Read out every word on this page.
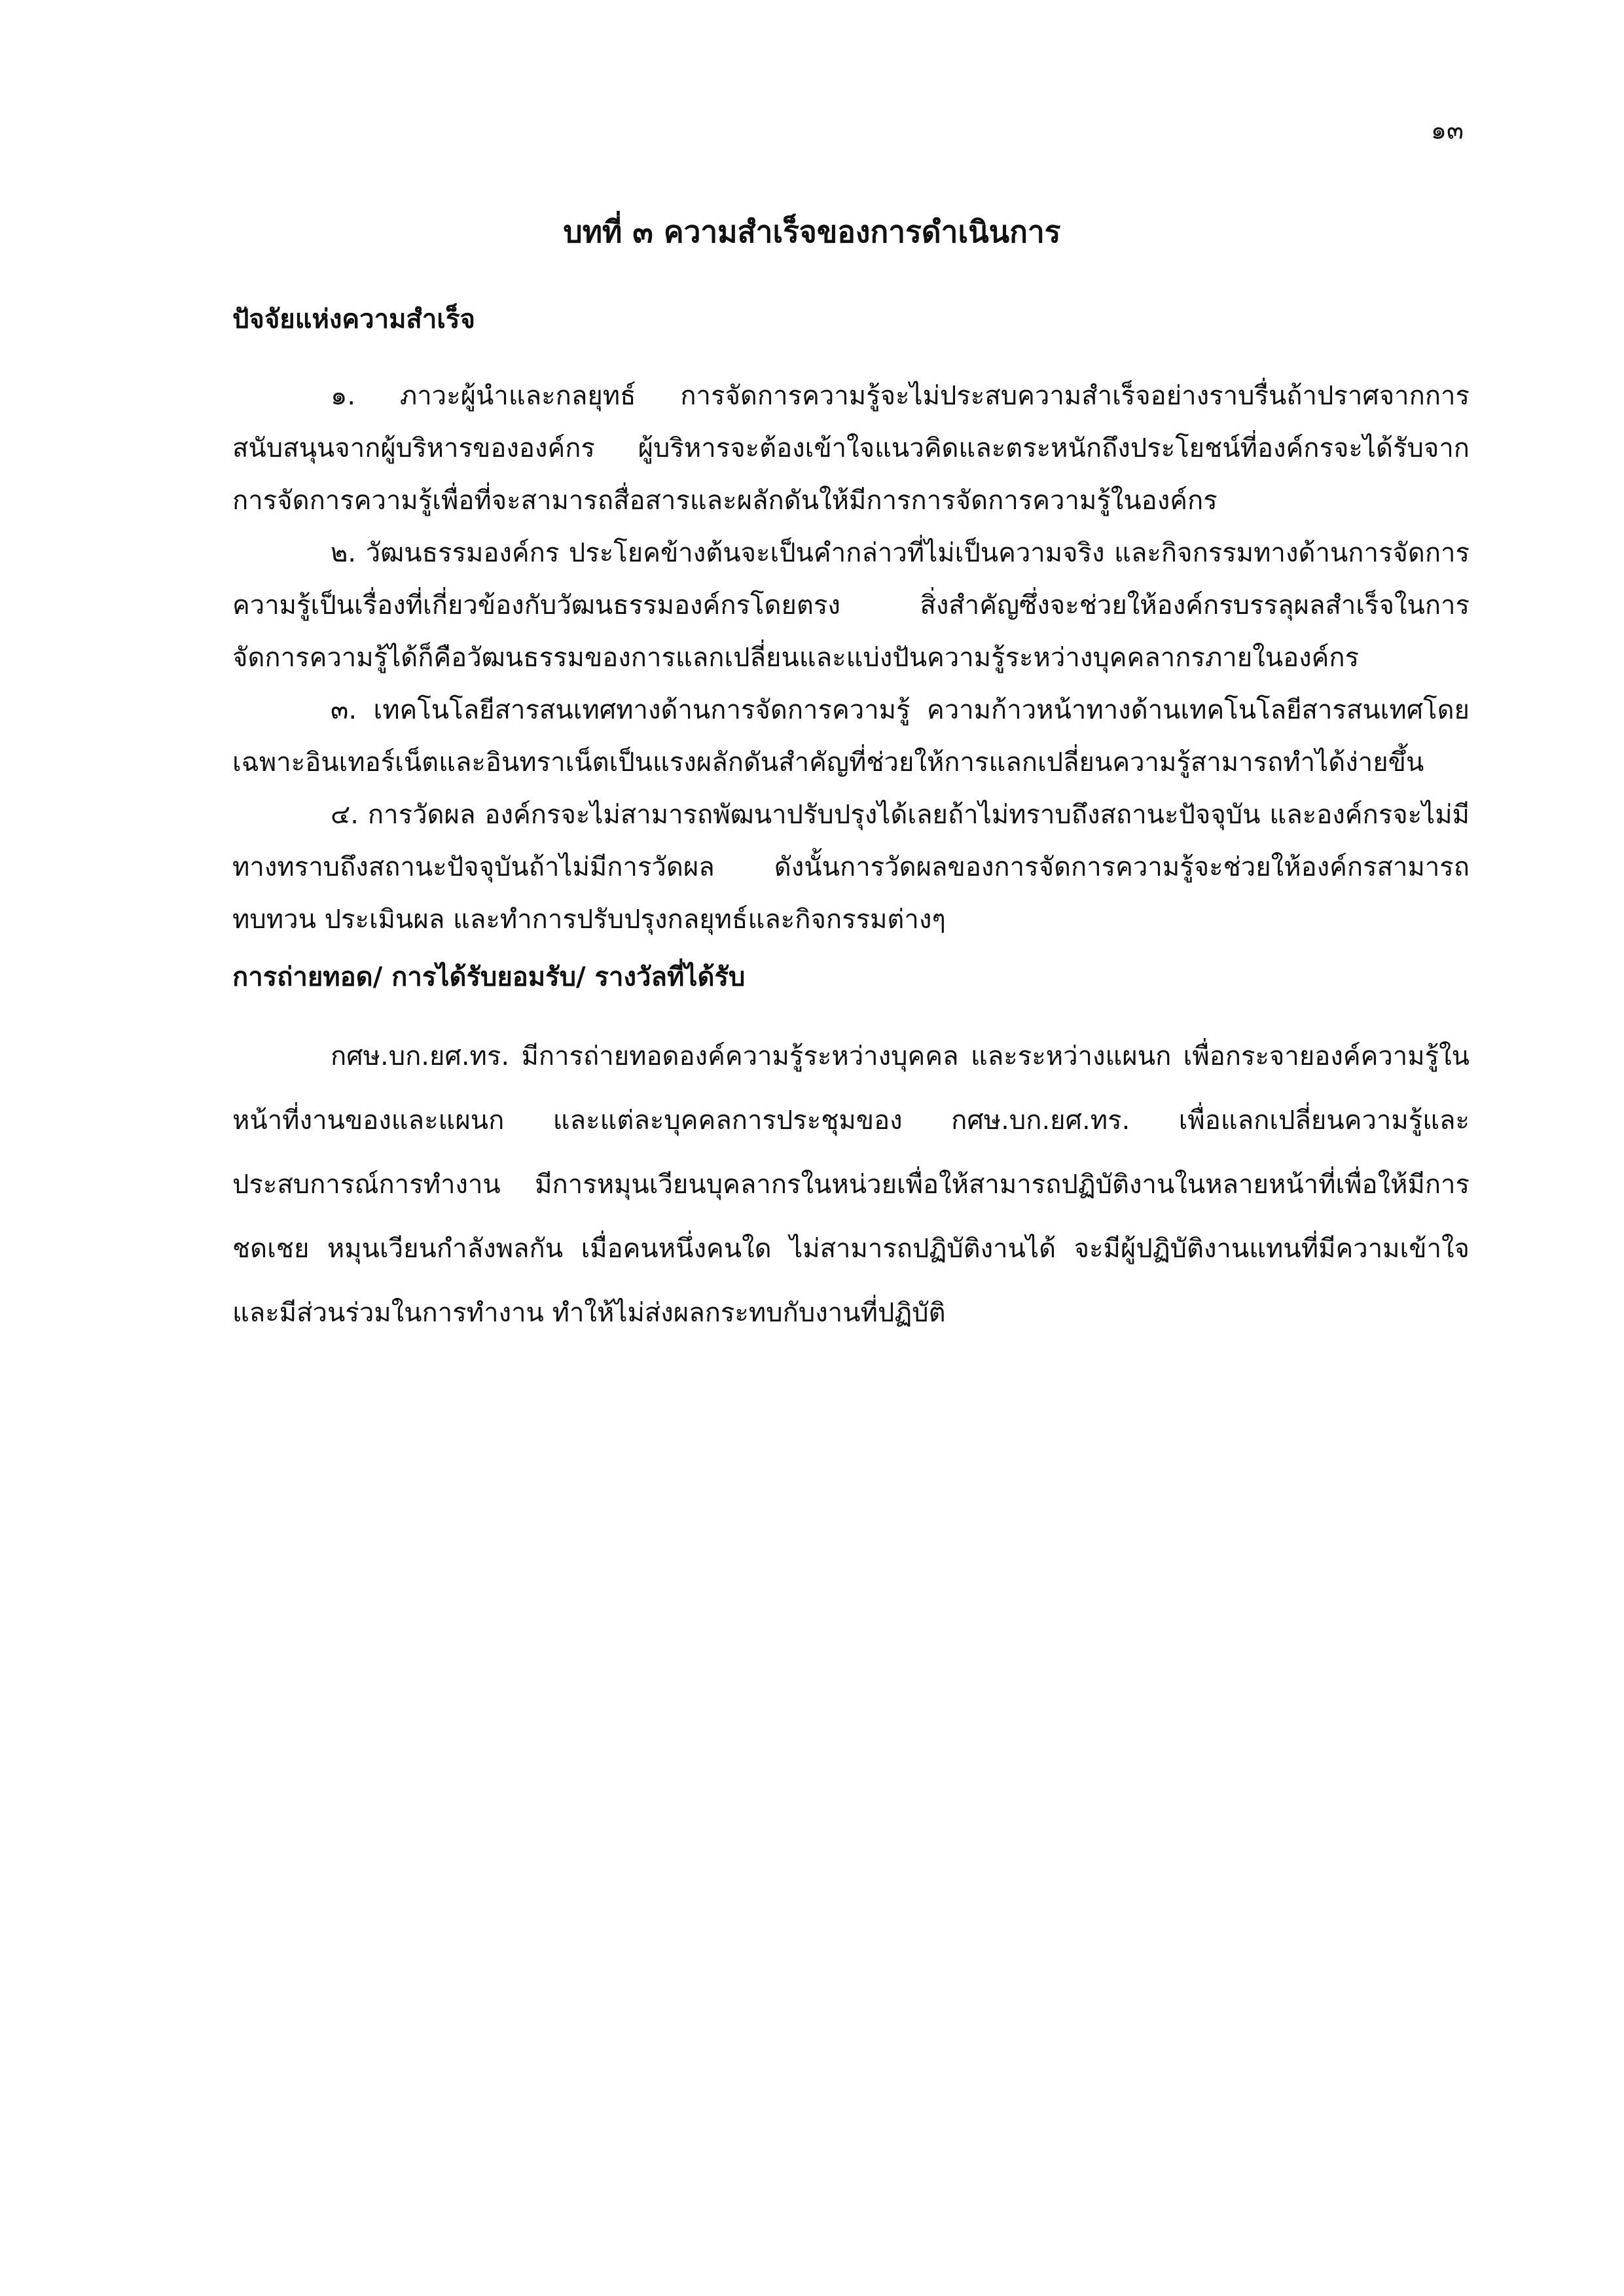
๑๓
บทที่ ๓ ความสำเร็จของการดำเนินการ
ปัจจัยแห่งความสำเร็จ

๑. ภาวะผู้นำและกลยุทธ์ การจัดการความรู้จะไม่ประสบความสำเร็จอย่างราบรื่นถ้าปราศจากการสนับสนุนจากผู้บริหารขององค์กร ผู้บริหารจะต้องเข้าใจแนวคิดและตระหนักถึงประโยชน์ที่องค์กรจะได้รับจากการจัดการความรู้เพื่อที่จะสามารถสื่อสารและผลักดันให้มีการการจัดการความรู้ในองค์กร

๒. วัฒนธรรมองค์กร ประโยคข้างต้นจะเป็นคำกล่าวที่ไม่เป็นความจริง และกิจกรรมทางด้านการจัดการความรู้เป็นเรื่องที่เกี่ยวข้องกับวัฒนธรรมองค์กรโดยตรง สิ่งสำคัญซึ่งจะช่วยให้องค์กรบรรลุผลสำเร็จในการจัดการความรู้ได้ก็คือวัฒนธรรมของการแลกเปลี่ยนและแบ่งปันความรู้ระหว่างบุคคลากรภายในองค์กร

๓. เทคโนโลยีสารสนเทศทางด้านการจัดการความรู้ ความก้าวหน้าทางด้านเทคโนโลยีสารสนเทศโดยเฉพาะอินเทอร์เน็ตและอินทราเน็ตเป็นแรงผลักดันสำคัญที่ช่วยให้การแลกเปลี่ยนความรู้สามารถทำได้ง่ายขึ้น

๔. การวัดผล องค์กรจะไม่สามารถพัฒนาปรับปรุงได้เลยถ้าไม่ทราบถึงสถานะปัจจุบัน และองค์กรจะไม่มีทางทราบถึงสถานะปัจจุบันถ้าไม่มีการวัดผล ดังนั้นการวัดผลของการจัดการความรู้จะช่วยให้องค์กรสามารถทบทวน ประเมินผล และทำการปรับปรุงกลยุทธ์และกิจกรรมต่างๆ

การถ่ายทอด/ การได้รับยอมรับ/ รางวัลที่ได้รับ

กศษ.บก.ยศ.ทร. มีการถ่ายทอดองค์ความรู้ระหว่างบุคคล และระหว่างแผนก เพื่อกระจายองค์ความรู้ในหน้าที่งานของและแผนก และแต่ละบุคคลการประชุมของ กศษ.บก.ยศ.ทร. เพื่อแลกเปลี่ยนความรู้และประสบการณ์การทำงาน มีการหมุนเวียนบุคลากรในหน่วยเพื่อให้สามารถปฏิบัติงานในหลายหน้าที่เพื่อให้มีการชดเชย หมุนเวียนกำลังพลกัน เมื่อคนหนึ่งคนใด ไม่สามารถปฏิบัติงานได้ จะมีผู้ปฏิบัติงานแทนที่มีความเข้าใจและมีส่วนร่วมในการทำงาน ทำให้ไม่ส่งผลกระทบกับงานที่ปฏิบัติ
